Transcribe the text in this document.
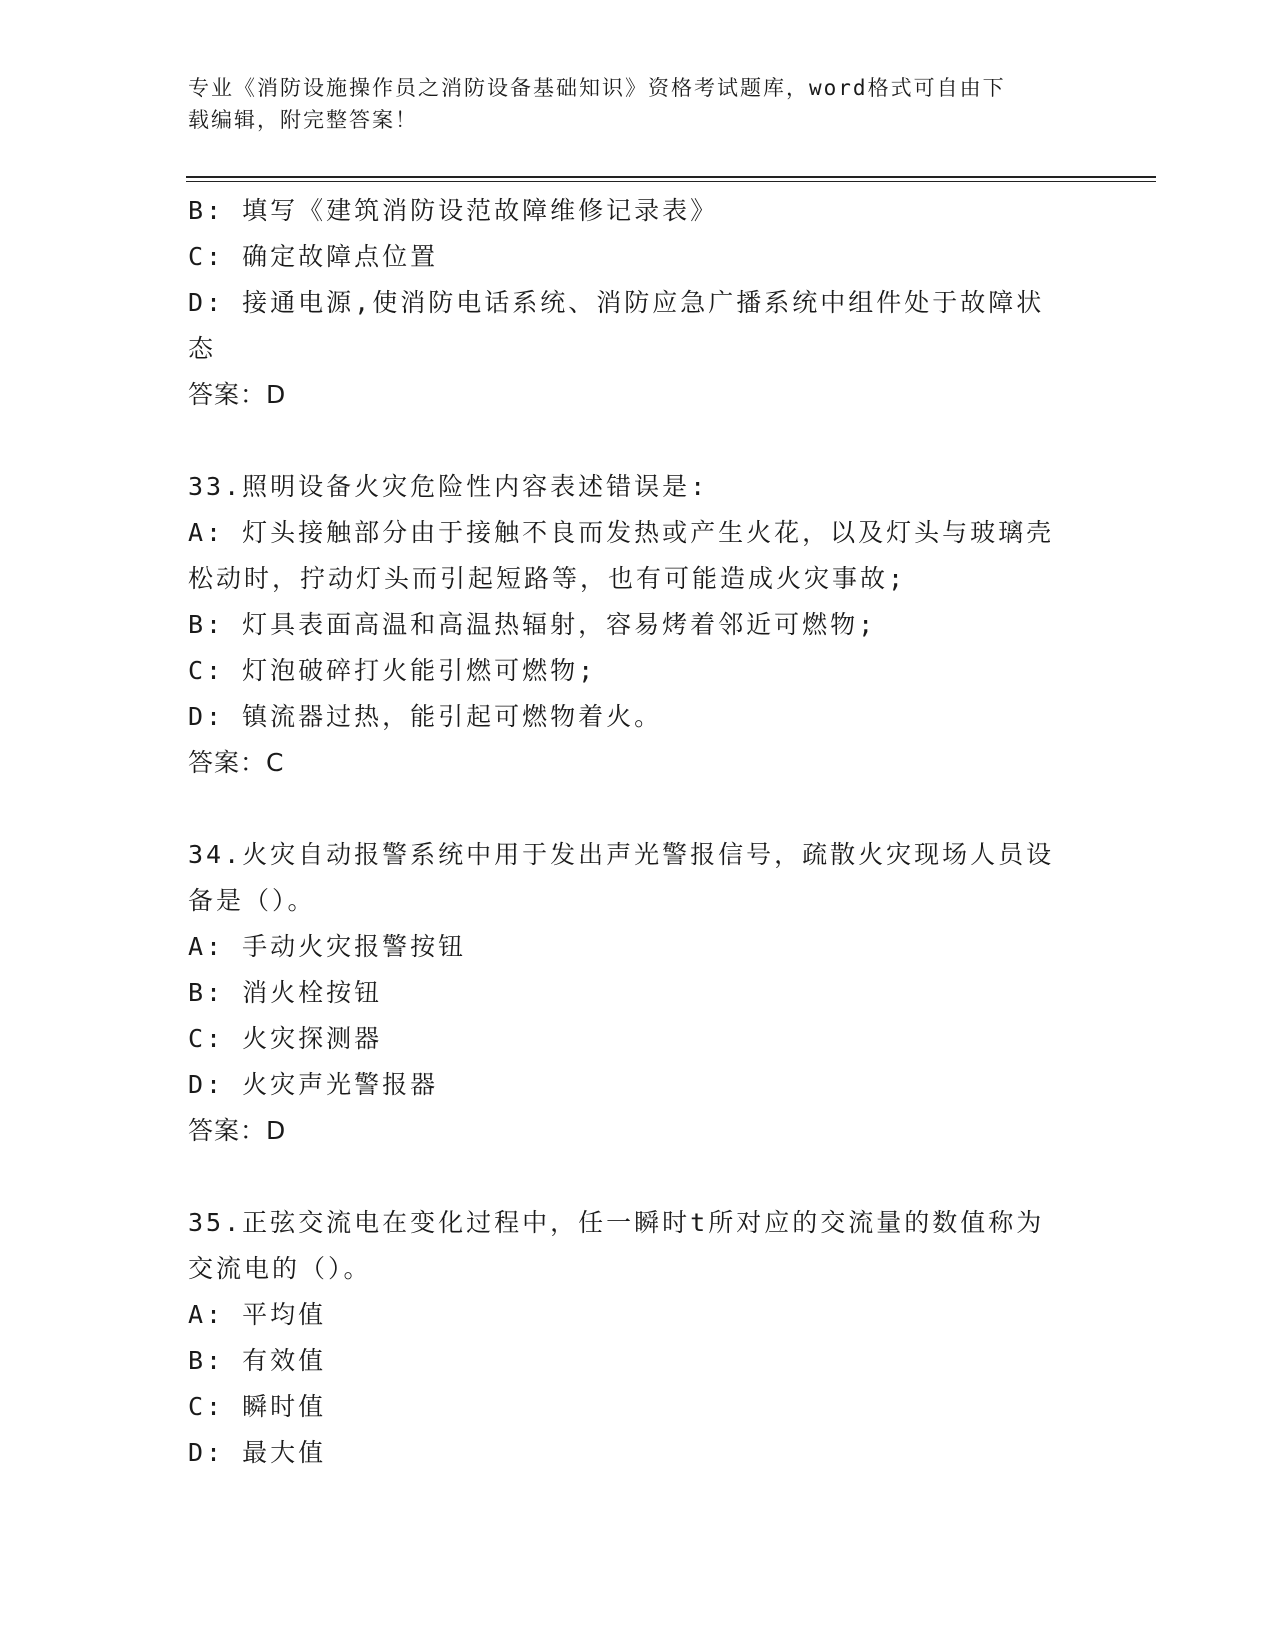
专业《消防设施操作员之消防设备基础知识》资格考试题库，word格式可自由下
载编辑，附完整答案！
B: 填写《建筑消防设范故障维修记录表》
C: 确定故障点位置
D: 接通电源,使消防电话系统、消防应急广播系统中组件处于故障状
态
答案：D
33.照明设备火灾危险性内容表述错误是:
A: 灯头接触部分由于接触不良而发热或产生火花，以及灯头与玻璃壳
松动时，拧动灯头而引起短路等，也有可能造成火灾事故;
B: 灯具表面高温和高温热辐射，容易烤着邻近可燃物;
C: 灯泡破碎打火能引燃可燃物;
D: 镇流器过热，能引起可燃物着火。
答案：C
34.火灾自动报警系统中用于发出声光警报信号，疏散火灾现场人员设
备是（）。
A: 手动火灾报警按钮
B: 消火栓按钮
C: 火灾探测器
D: 火灾声光警报器
答案：D
35.正弦交流电在变化过程中，任一瞬时t所对应的交流量的数值称为
交流电的（）。
A: 平均值
B: 有效值
C: 瞬时值
D: 最大值
